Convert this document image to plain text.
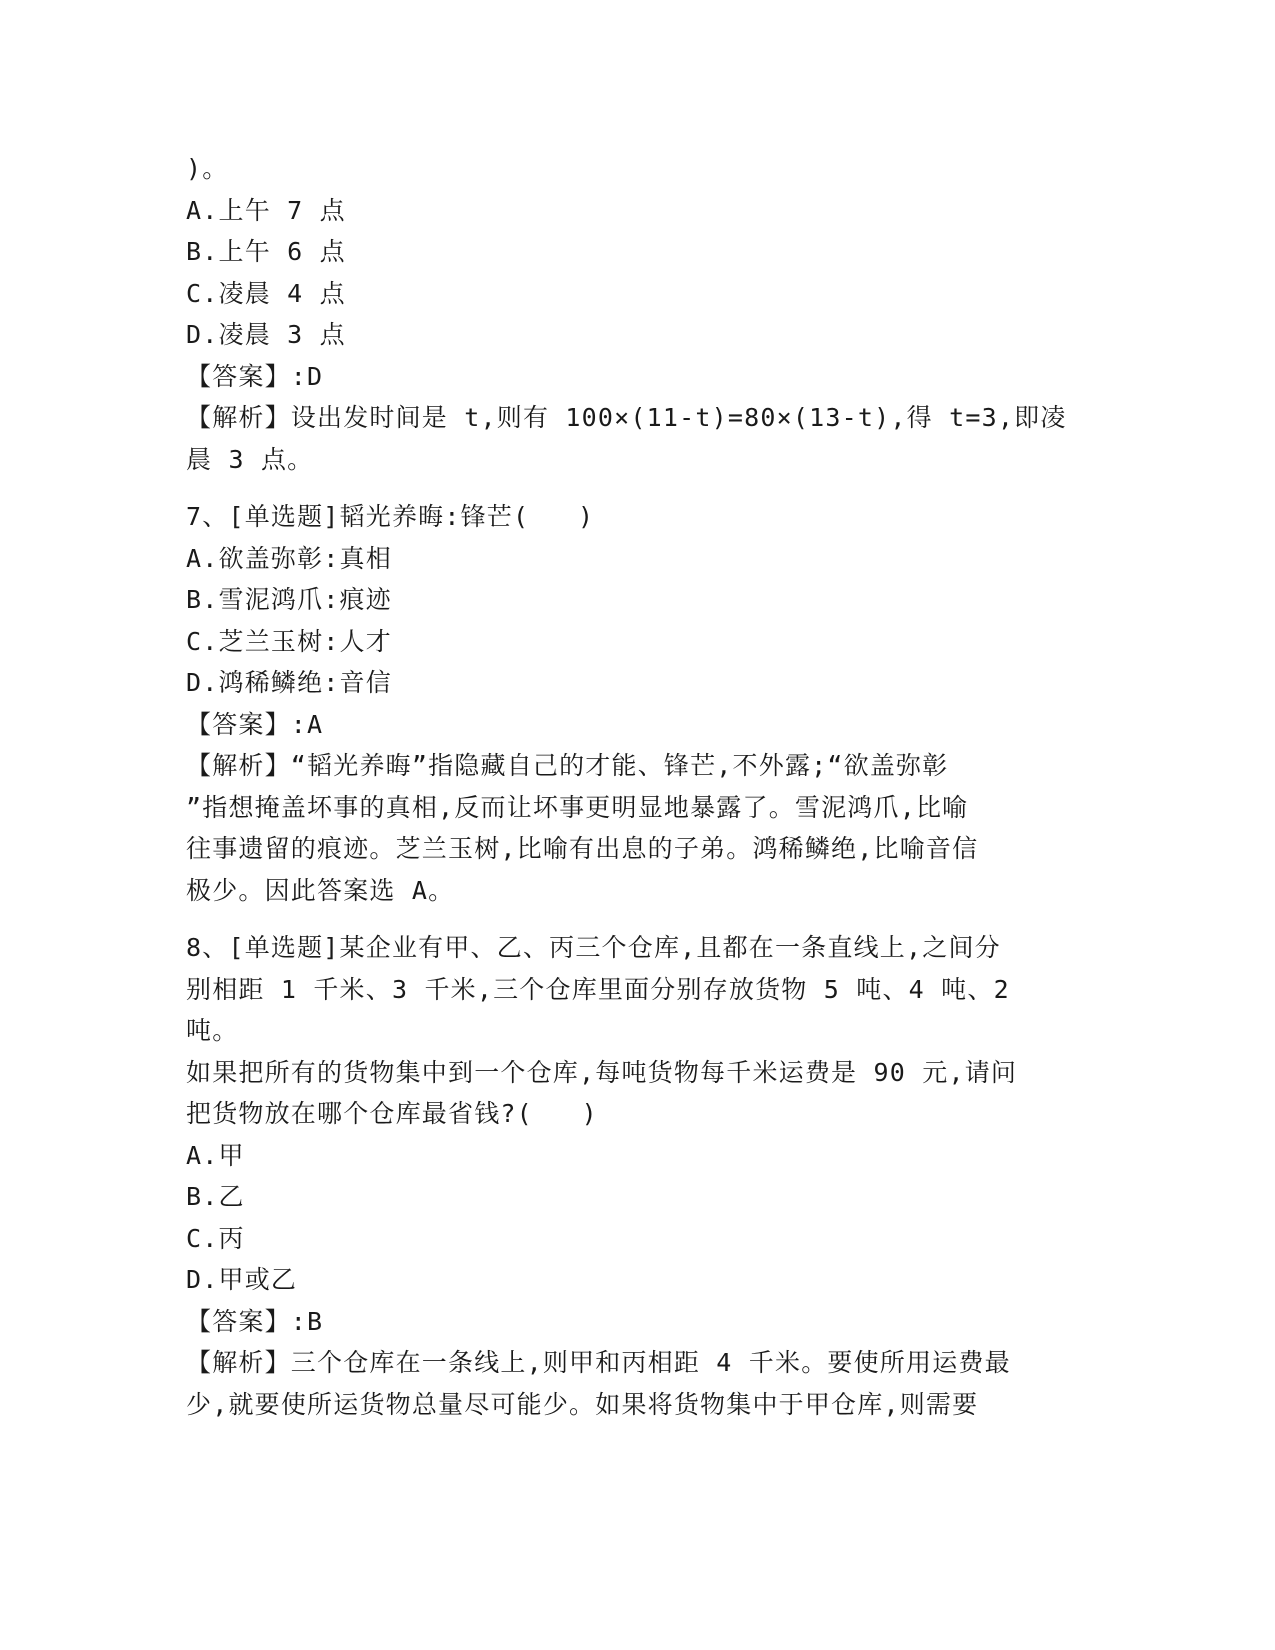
)。
A.上午 7 点
B.上午 6 点
C.凌晨 4 点
D.凌晨 3 点
【答案】:D
【解析】设出发时间是 t,则有 100×(11-t)=80×(13-t),得 t=3,即凌
晨 3 点。
7、[单选题]韬光养晦:锋芒(   )
A.欲盖弥彰:真相
B.雪泥鸿爪:痕迹
C.芝兰玉树:人才
D.鸿稀鳞绝:音信
【答案】:A
【解析】“韬光养晦”指隐藏自己的才能、锋芒,不外露;“欲盖弥彰
”指想掩盖坏事的真相,反而让坏事更明显地暴露了。雪泥鸿爪,比喻
往事遗留的痕迹。芝兰玉树,比喻有出息的子弟。鸿稀鳞绝,比喻音信
极少。因此答案选 A。
8、[单选题]某企业有甲、乙、丙三个仓库,且都在一条直线上,之间分
别相距 1 千米、3 千米,三个仓库里面分别存放货物 5 吨、4 吨、2 吨。
如果把所有的货物集中到一个仓库,每吨货物每千米运费是 90 元,请问
把货物放在哪个仓库最省钱?(   )
A.甲
B.乙
C.丙
D.甲或乙
【答案】:B
【解析】三个仓库在一条线上,则甲和丙相距 4 千米。要使所用运费最
少,就要使所运货物总量尽可能少。如果将货物集中于甲仓库,则需要
